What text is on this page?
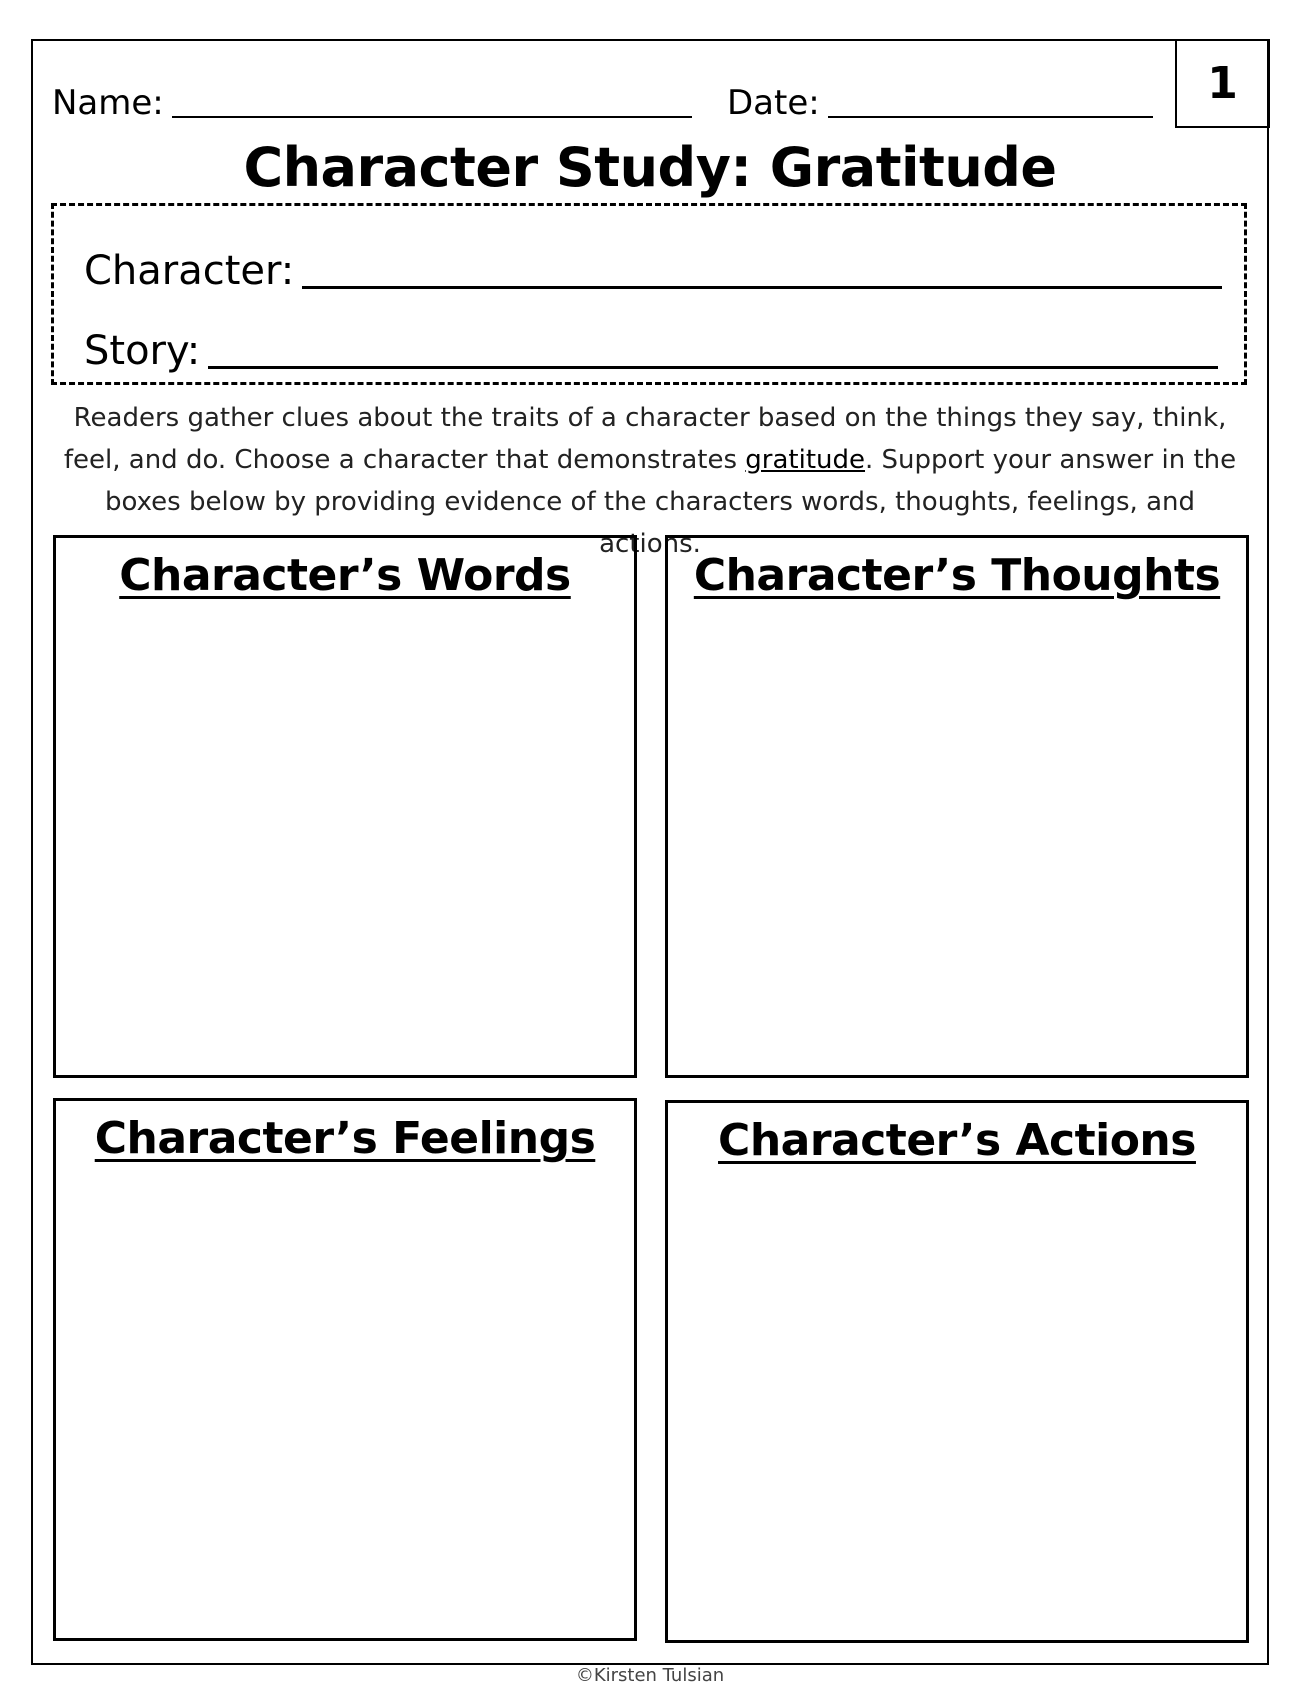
1
Name:	Date:
Character Study: Gratitude
Character:
Story:
Readers gather clues about the traits of a character based on the things they say, think, feel, and do. Choose a character that demonstrates gratitude. Support your answer in the boxes below by providing evidence of the characters words, thoughts, feelings, and actions.
Character’s Words	Character’s Thoughts
Character’s Feelings	Character’s Actions
©Kirsten Tulsian
